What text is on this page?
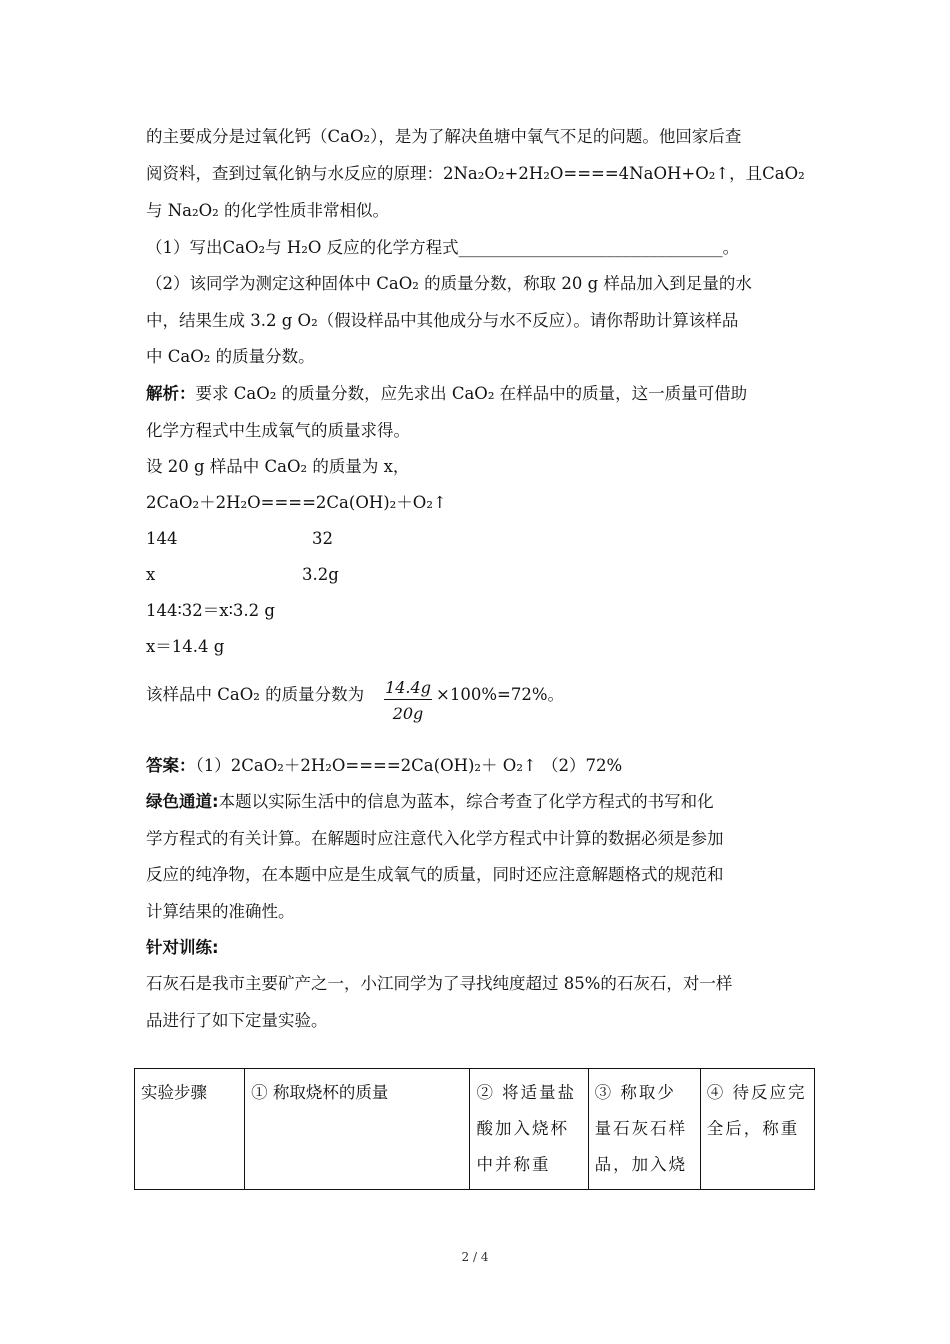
的主要成分是过氧化钙（CaO₂），是为了解决鱼塘中氧气不足的问题。他回家后查
阅资料，查到过氧化钠与水反应的原理：2Na₂O₂+2H₂O====4NaOH+O₂↑，且CaO₂
与 Na₂O₂ 的化学性质非常相似。
（1）写出CaO₂与 H₂O 反应的化学方程式________________________________。
（2）该同学为测定这种固体中 CaO₂ 的质量分数，称取 20 g 样品加入到足量的水
中，结果生成 3.2 g O₂（假设样品中其他成分与水不反应）。请你帮助计算该样品
中 CaO₂ 的质量分数。
解析：要求 CaO₂ 的质量分数，应先求出 CaO₂ 在样品中的质量，这一质量可借助
化学方程式中生成氧气的质量求得。
设 20 g 样品中 CaO₂ 的质量为 x，
2CaO₂＋2H₂O====2Ca(OH)₂＋O₂↑
144	32
x	3.2g
144∶32＝x∶3.2 g
x＝14.4 g
该样品中 CaO₂ 的质量分数为 $\frac{14.4g}{20g} \times 100\%=72\%$。
答案：（1）2CaO₂＋2H₂O====2Ca(OH)₂＋ O₂↑ （2）72%
绿色通道:本题以实际生活中的信息为蓝本，综合考查了化学方程式的书写和化
学方程式的有关计算。在解题时应注意代入化学方程式中计算的数据必须是参加
反应的纯净物，在本题中应是生成氧气的质量，同时还应注意解题格式的规范和
计算结果的准确性。
针对训练:
石灰石是我市主要矿产之一，小江同学为了寻找纯度超过 85%的石灰石，对一样
品进行了如下定量实验。
实验步骤	① 称取烧杯的质量	② 将适量盐酸加入烧杯中并称重	③ 称取少量石灰石样品，加入烧	④ 待反应完全后，称重
2 / 4
